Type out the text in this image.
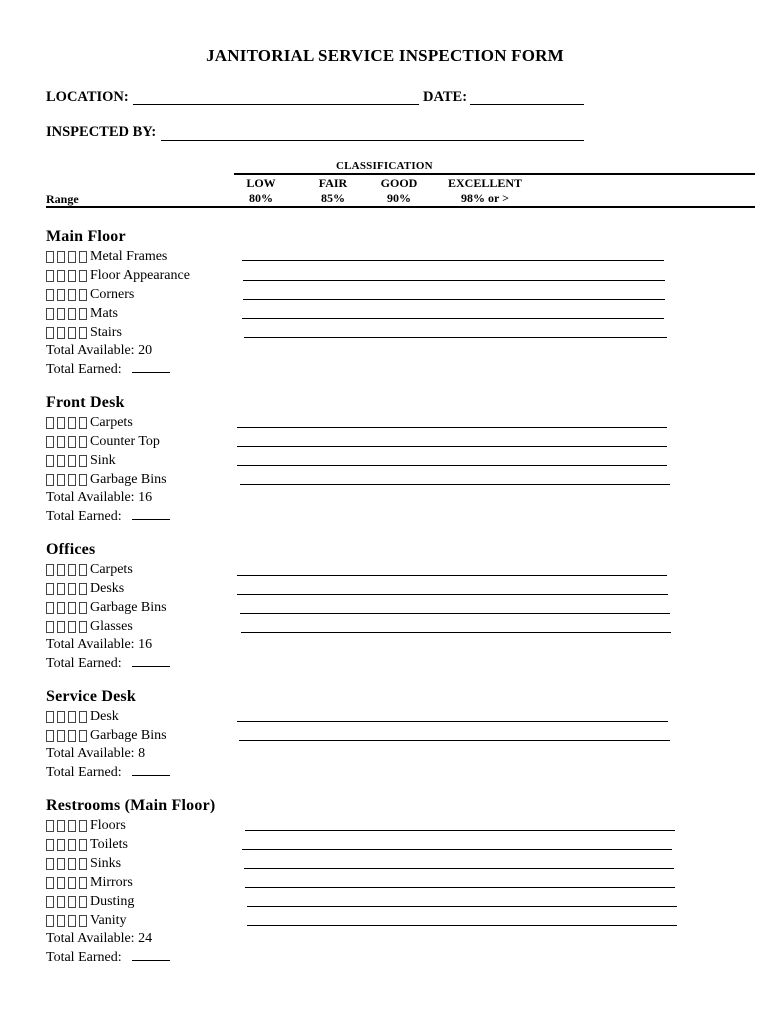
JANITORIAL SERVICE INSPECTION FORM
LOCATION:	DATE:
INSPECTED BY:
CLASSIFICATION
Range
LOW
80%
FAIR
85%
GOOD
90%
EXCELLENT
98% or >
Main Floor
Metal Frames
Floor Appearance
Corners
Mats
Stairs
Total Available: 20
Total Earned:
Front Desk
Carpets
Counter Top
Sink
Garbage Bins
Total Available: 16
Total Earned:
Offices
Carpets
Desks
Garbage Bins
Glasses
Total Available: 16
Total Earned:
Service Desk
Desk
Garbage Bins
Total Available: 8
Total Earned:
Restrooms (Main Floor)
Floors
Toilets
Sinks
Mirrors
Dusting
Vanity
Total Available: 24
Total Earned:
